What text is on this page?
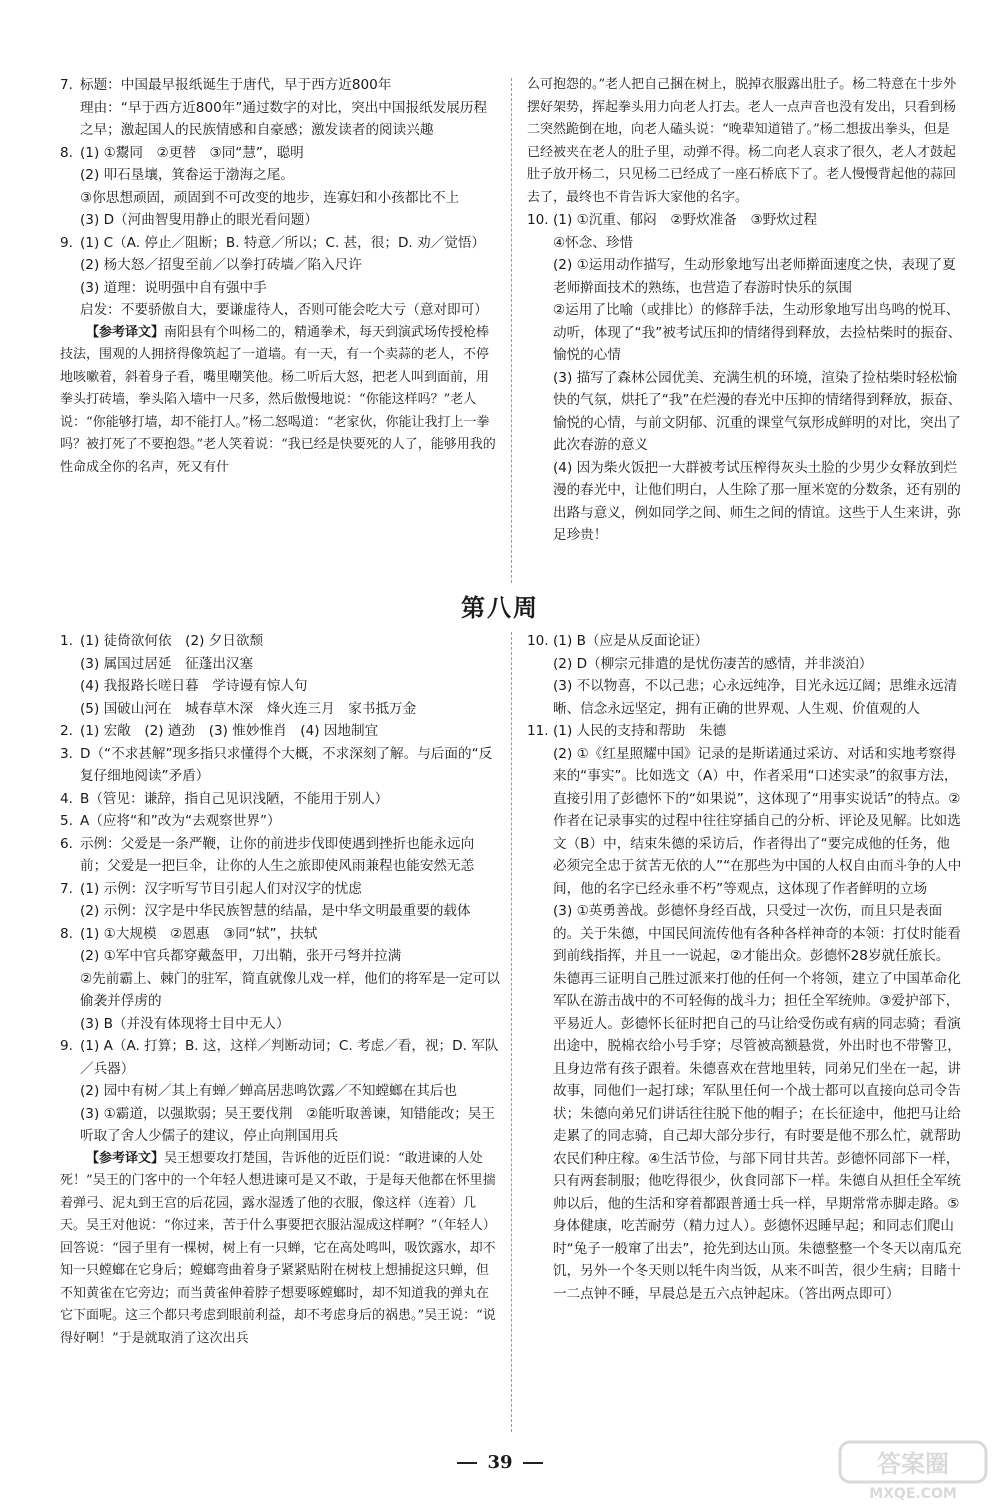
7. 标题：中国最早报纸诞生于唐代，早于西方近800年

理由：“早于西方近800年”通过数字的对比，突出中国报纸发展历程之早；激起国人的民族情感和自豪感；激发读者的阅读兴趣

8. (1) ①鬻同　②更替　③同“慧”，聪明

(2) 叩石垦壤，箕畚运于渤海之尾。

③你思想顽固，顽固到不可改变的地步，连寡妇和小孩都比不上

(3) D（河曲智叟用静止的眼光看问题）

9. (1) C（A. 停止／阻断；B. 特意／所以；C. 甚，很；D. 劝／觉悟）

(2) 杨大怒／招叟至前／以拳打砖墙／陷入尺许

(3) 道理：说明强中自有强中手

启发：不要骄傲自大，要谦虚待人，否则可能会吃大亏（意对即可）

【参考译文】南阳县有个叫杨二的，精通拳术，每天到演武场传授枪棒技法，围观的人拥挤得像筑起了一道墙。有一天，有一个卖蒜的老人，不停地咳嗽着，斜着身子看，嘴里嘲笑他。杨二听后大怒，把老人叫到面前，用拳头打砖墙，拳头陷入墙中一尺多，然后傲慢地说：“你能这样吗？”老人说：“你能够打墙，却不能打人。”杨二怒喝道：“老家伙，你能让我打上一拳吗？被打死了不要抱怨。”老人笑着说：“我已经是快要死的人了，能够用我的性命成全你的名声，死又有什

么可抱怨的。”老人把自己捆在树上，脱掉衣服露出肚子。杨二特意在十步外摆好架势，挥起拳头用力向老人打去。老人一点声音也没有发出，只看到杨二突然跪倒在地，向老人磕头说：“晚辈知道错了。”杨二想拔出拳头，但是已经被夹在老人的肚子里，动弹不得。杨二向老人哀求了很久，老人才鼓起肚子放开杨二，只见杨二已经成了一座石桥底下了。老人慢慢背起他的蒜回去了，最终也不肯告诉大家他的名字。

10. (1) ①沉重、郁闷　②野炊准备　③野炊过程

④怀念、珍惜

(2) ①运用动作描写，生动形象地写出老师擀面速度之快，表现了夏老师擀面技术的熟练，也营造了春游时快乐的氛围

②运用了比喻（或排比）的修辞手法，生动形象地写出鸟鸣的悦耳、动听，体现了“我”被考试压抑的情绪得到释放，去捡枯柴时的振奋、愉悦的心情

(3) 描写了森林公园优美、充满生机的环境，渲染了捡枯柴时轻松愉快的气氛，烘托了“我”在烂漫的春光中压抑的情绪得到释放，振奋、愉悦的心情，与前文阴郁、沉重的课堂气氛形成鲜明的对比，突出了此次春游的意义

(4) 因为柴火饭把一大群被考试压榨得灰头土脸的少男少女释放到烂漫的春光中，让他们明白，人生除了那一厘米宽的分数条，还有别的出路与意义，例如同学之间、师生之间的情谊。这些于人生来讲，弥足珍贵！

第八周
1. (1) 徒倚欲何依　(2) 夕日欲颓

(3) 属国过居延　征蓬出汉塞

(4) 我报路长嗟日暮　学诗谩有惊人句

(5) 国破山河在　城春草木深　烽火连三月　家书抵万金

2. (1) 宏敞　(2) 遒劲　(3) 惟妙惟肖　(4) 因地制宜

3. D（“不求甚解”现多指只求懂得个大概，不求深刻了解。与后面的“反复仔细地阅读”矛盾）

4. B（管见：谦辞，指自己见识浅陋，不能用于别人）

5. A（应将“和”改为“去观察世界”）

6. 示例：父爱是一条严鞭，让你的前进步伐即使遇到挫折也能永远向前；父爱是一把巨伞，让你的人生之旅即使风雨兼程也能安然无恙

7. (1) 示例：汉字听写节目引起人们对汉字的忧虑

(2) 示例：汉字是中华民族智慧的结晶，是中华文明最重要的载体

8. (1) ①大规模　②恩惠　③同“轼”，扶轼

(2) ①军中官兵都穿戴盔甲，刀出鞘，张开弓弩并拉满

②先前霸上、棘门的驻军，简直就像儿戏一样，他们的将军是一定可以偷袭并俘虏的

(3) B（并没有体现将士目中无人）

9. (1) A（A. 打算；B. 这，这样／判断动词；C. 考虑／看，视；D. 军队／兵器）

(2) 园中有树／其上有蝉／蝉高居悲鸣饮露／不知螳螂在其后也

(3) ①霸道，以强欺弱；吴王要伐荆　②能听取善谏，知错能改；吴王听取了舍人少儒子的建议，停止向荆国用兵

【参考译文】吴王想要攻打楚国，告诉他的近臣们说：“敢进谏的人处死！”吴王的门客中的一个年轻人想进谏可是又不敢，于是每天他都在怀里揣着弹弓、泥丸到王宫的后花园，露水湿透了他的衣服，像这样（连着）几天。吴王对他说：“你过来，苦于什么事要把衣服沾湿成这样啊？”（年轻人）回答说：“园子里有一棵树，树上有一只蝉，它在高处鸣叫，吸饮露水，却不知一只螳螂在它身后；螳螂弯曲着身子紧紧贴附在树枝上想捕捉这只蝉，但不知黄雀在它旁边；而当黄雀伸着脖子想要啄螳螂时，却不知道我的弹丸在它下面呢。这三个都只考虑到眼前利益，却不考虑身后的祸患。”吴王说：“说得好啊！”于是就取消了这次出兵

10. (1) B（应是从反面论证）

(2) D（柳宗元排遣的是忧伤凄苦的感情，并非淡泊）

(3) 不以物喜，不以己悲；心永远纯净，目光永远辽阔；思维永远清晰、信念永远坚定，拥有正确的世界观、人生观、价值观的人

11. (1) 人民的支持和帮助　朱德

(2) ①《红星照耀中国》记录的是斯诺通过采访、对话和实地考察得来的“事实”。比如选文（A）中，作者采用“口述实录”的叙事方法，直接引用了彭德怀下的“如果说”，这体现了“用事实说话”的特点。②作者在记录事实的过程中往往穿插自己的分析、评论及见解。比如选文（B）中，结束朱德的采访后，作者得出了“要完成他的任务，他必须完全忠于贫苦无依的人”“在那些为中国的人权自由而斗争的人中间，他的名字已经永垂不朽”等观点，这体现了作者鲜明的立场

(3) ①英勇善战。彭德怀身经百战，只受过一次伤，而且只是表面的。关于朱德，中国民间流传他有各种各样神奇的本领：打仗时能看到前线指挥，并且一一说起，②才能出众。彭德怀28岁就任旅长。朱德再三证明自己胜过派来打他的任何一个将领，建立了中国革命化军队在游击战中的不可轻侮的战斗力；担任全军统帅。③爱护部下，平易近人。彭德怀长征时把自己的马让给受伤或有病的同志骑；看演出途中，脱棉衣给小号手穿；尽管被高额悬赏，外出时也不带警卫，且身边常有孩子跟着。朱德喜欢在营地里转，同弟兄们坐在一起，讲故事，同他们一起打球；军队里任何一个战士都可以直接向总司令告状；朱德向弟兄们讲话往往脱下他的帽子；在长征途中，他把马让给走累了的同志骑，自己却大部分步行，有时要是他不那么忙，就帮助农民们种庄稼。④生活节俭，与部下同甘共苦。彭德怀同部下一样，只有两套制服；他吃得很少，伙食同部下一样。朱德自从担任全军统帅以后，他的生活和穿着都跟普通士兵一样，早期常常赤脚走路。⑤身体健康，吃苦耐劳（精力过人）。彭德怀迟睡早起；和同志们爬山时“兔子一般窜了出去”，抢先到达山顶。朱德整整一个冬天以南瓜充饥，另外一个冬天则以牦牛肉当饭，从来不叫苦，很少生病；目睹十一二点钟不睡，早晨总是五六点钟起床。（答出两点即可）

39	答案圈
MXQE.COM
